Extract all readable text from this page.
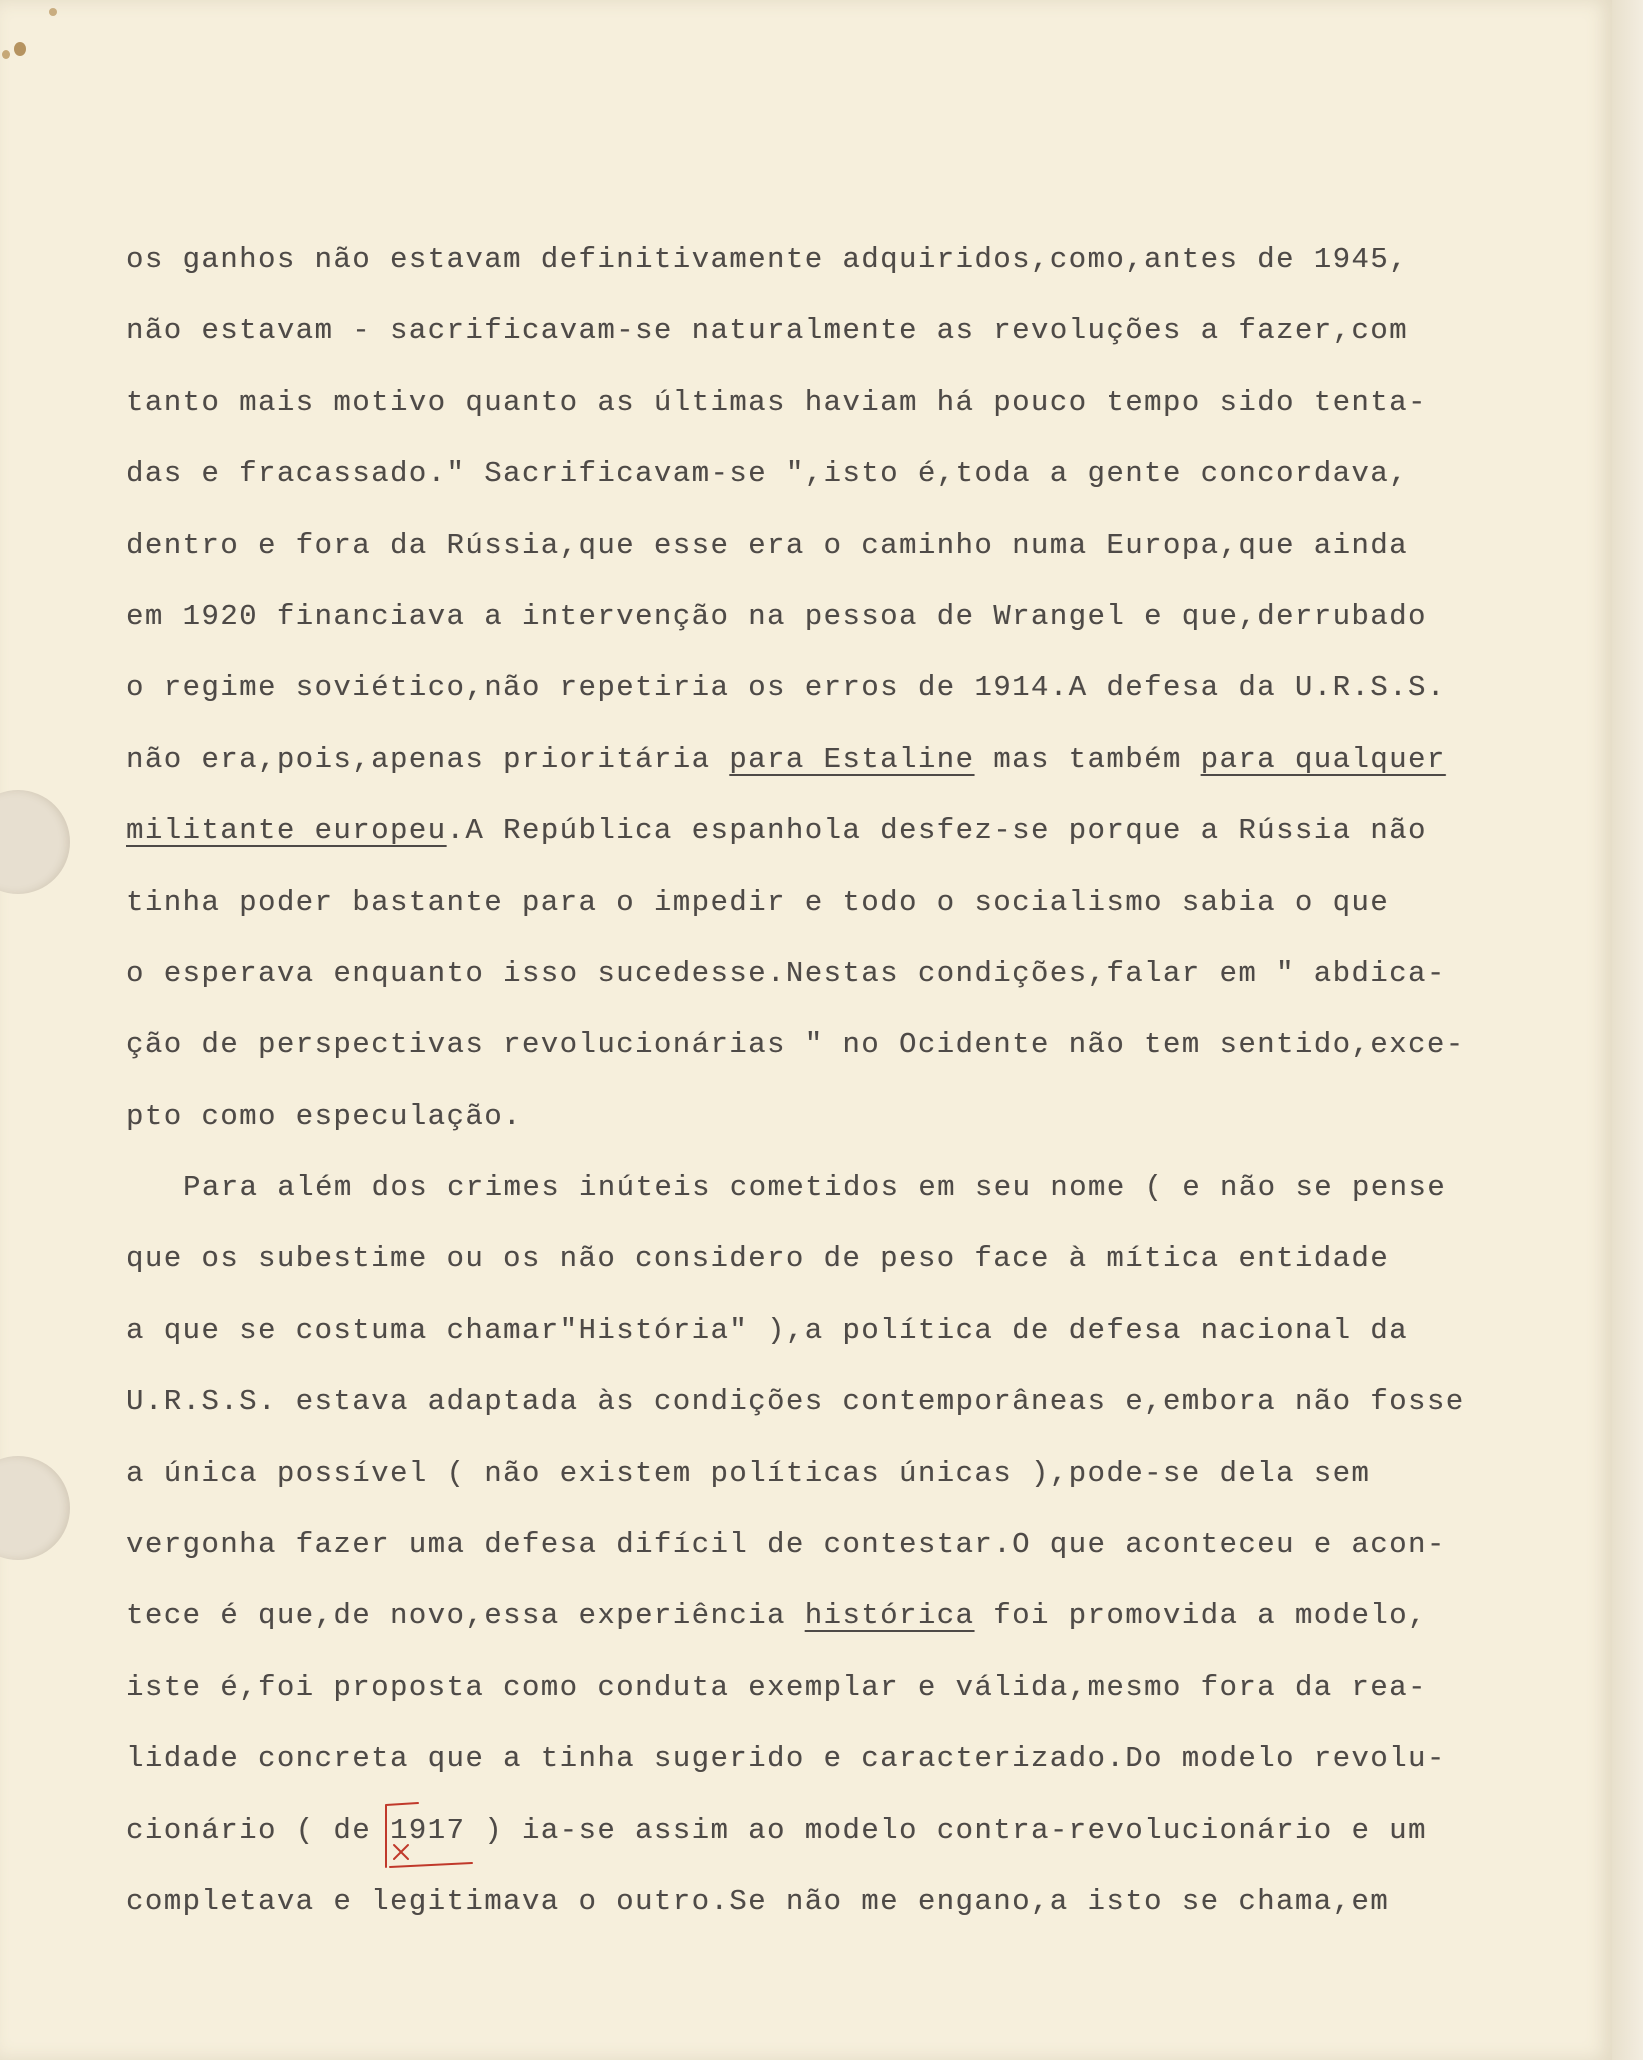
os ganhos não estavam definitivamente adquiridos,como,antes de 1945,
não estavam - sacrificavam-se naturalmente as revoluções a fazer,com
tanto mais motivo quanto as últimas haviam há pouco tempo sido tenta-
das e fracassado." Sacrificavam-se ",isto é,toda a gente concordava,
dentro e fora da Rússia,que esse era o caminho numa Europa,que ainda
em 1920 financiava a intervenção na pessoa de Wrangel e que,derrubado
o regime soviético,não repetiria os erros de 1914.A defesa da U.R.S.S.
não era,pois,apenas prioritária para Estaline mas também para qualquer
militante europeu.A República espanhola desfez-se porque a Rússia não
tinha poder bastante para o impedir e todo o socialismo sabia o que
o esperava enquanto isso sucedesse.Nestas condições,falar em " abdica-
ção de perspectivas revolucionárias " no Ocidente não tem sentido,exce-
pto como especulação.
Para além dos crimes inúteis cometidos em seu nome ( e não se pense
que os subestime ou os não considero de peso face à mítica entidade
a que se costuma chamar"História" ),a política de defesa nacional da
U.R.S.S. estava adaptada às condições contemporâneas e,embora não fosse
a única possível ( não existem políticas únicas ),pode-se dela sem
vergonha fazer uma defesa difícil de contestar.O que aconteceu e acon-
tece é que,de novo,essa experiência histórica foi promovida a modelo,
iste é,foi proposta como conduta exemplar e válida,mesmo fora da rea-
lidade concreta que a tinha sugerido e caracterizado.Do modelo revolu-
cionário ( de 1917
) ia-se assim ao modelo contra-revolucionário e um
completava e legitimava o outro.Se não me engano,a isto se chama,em
